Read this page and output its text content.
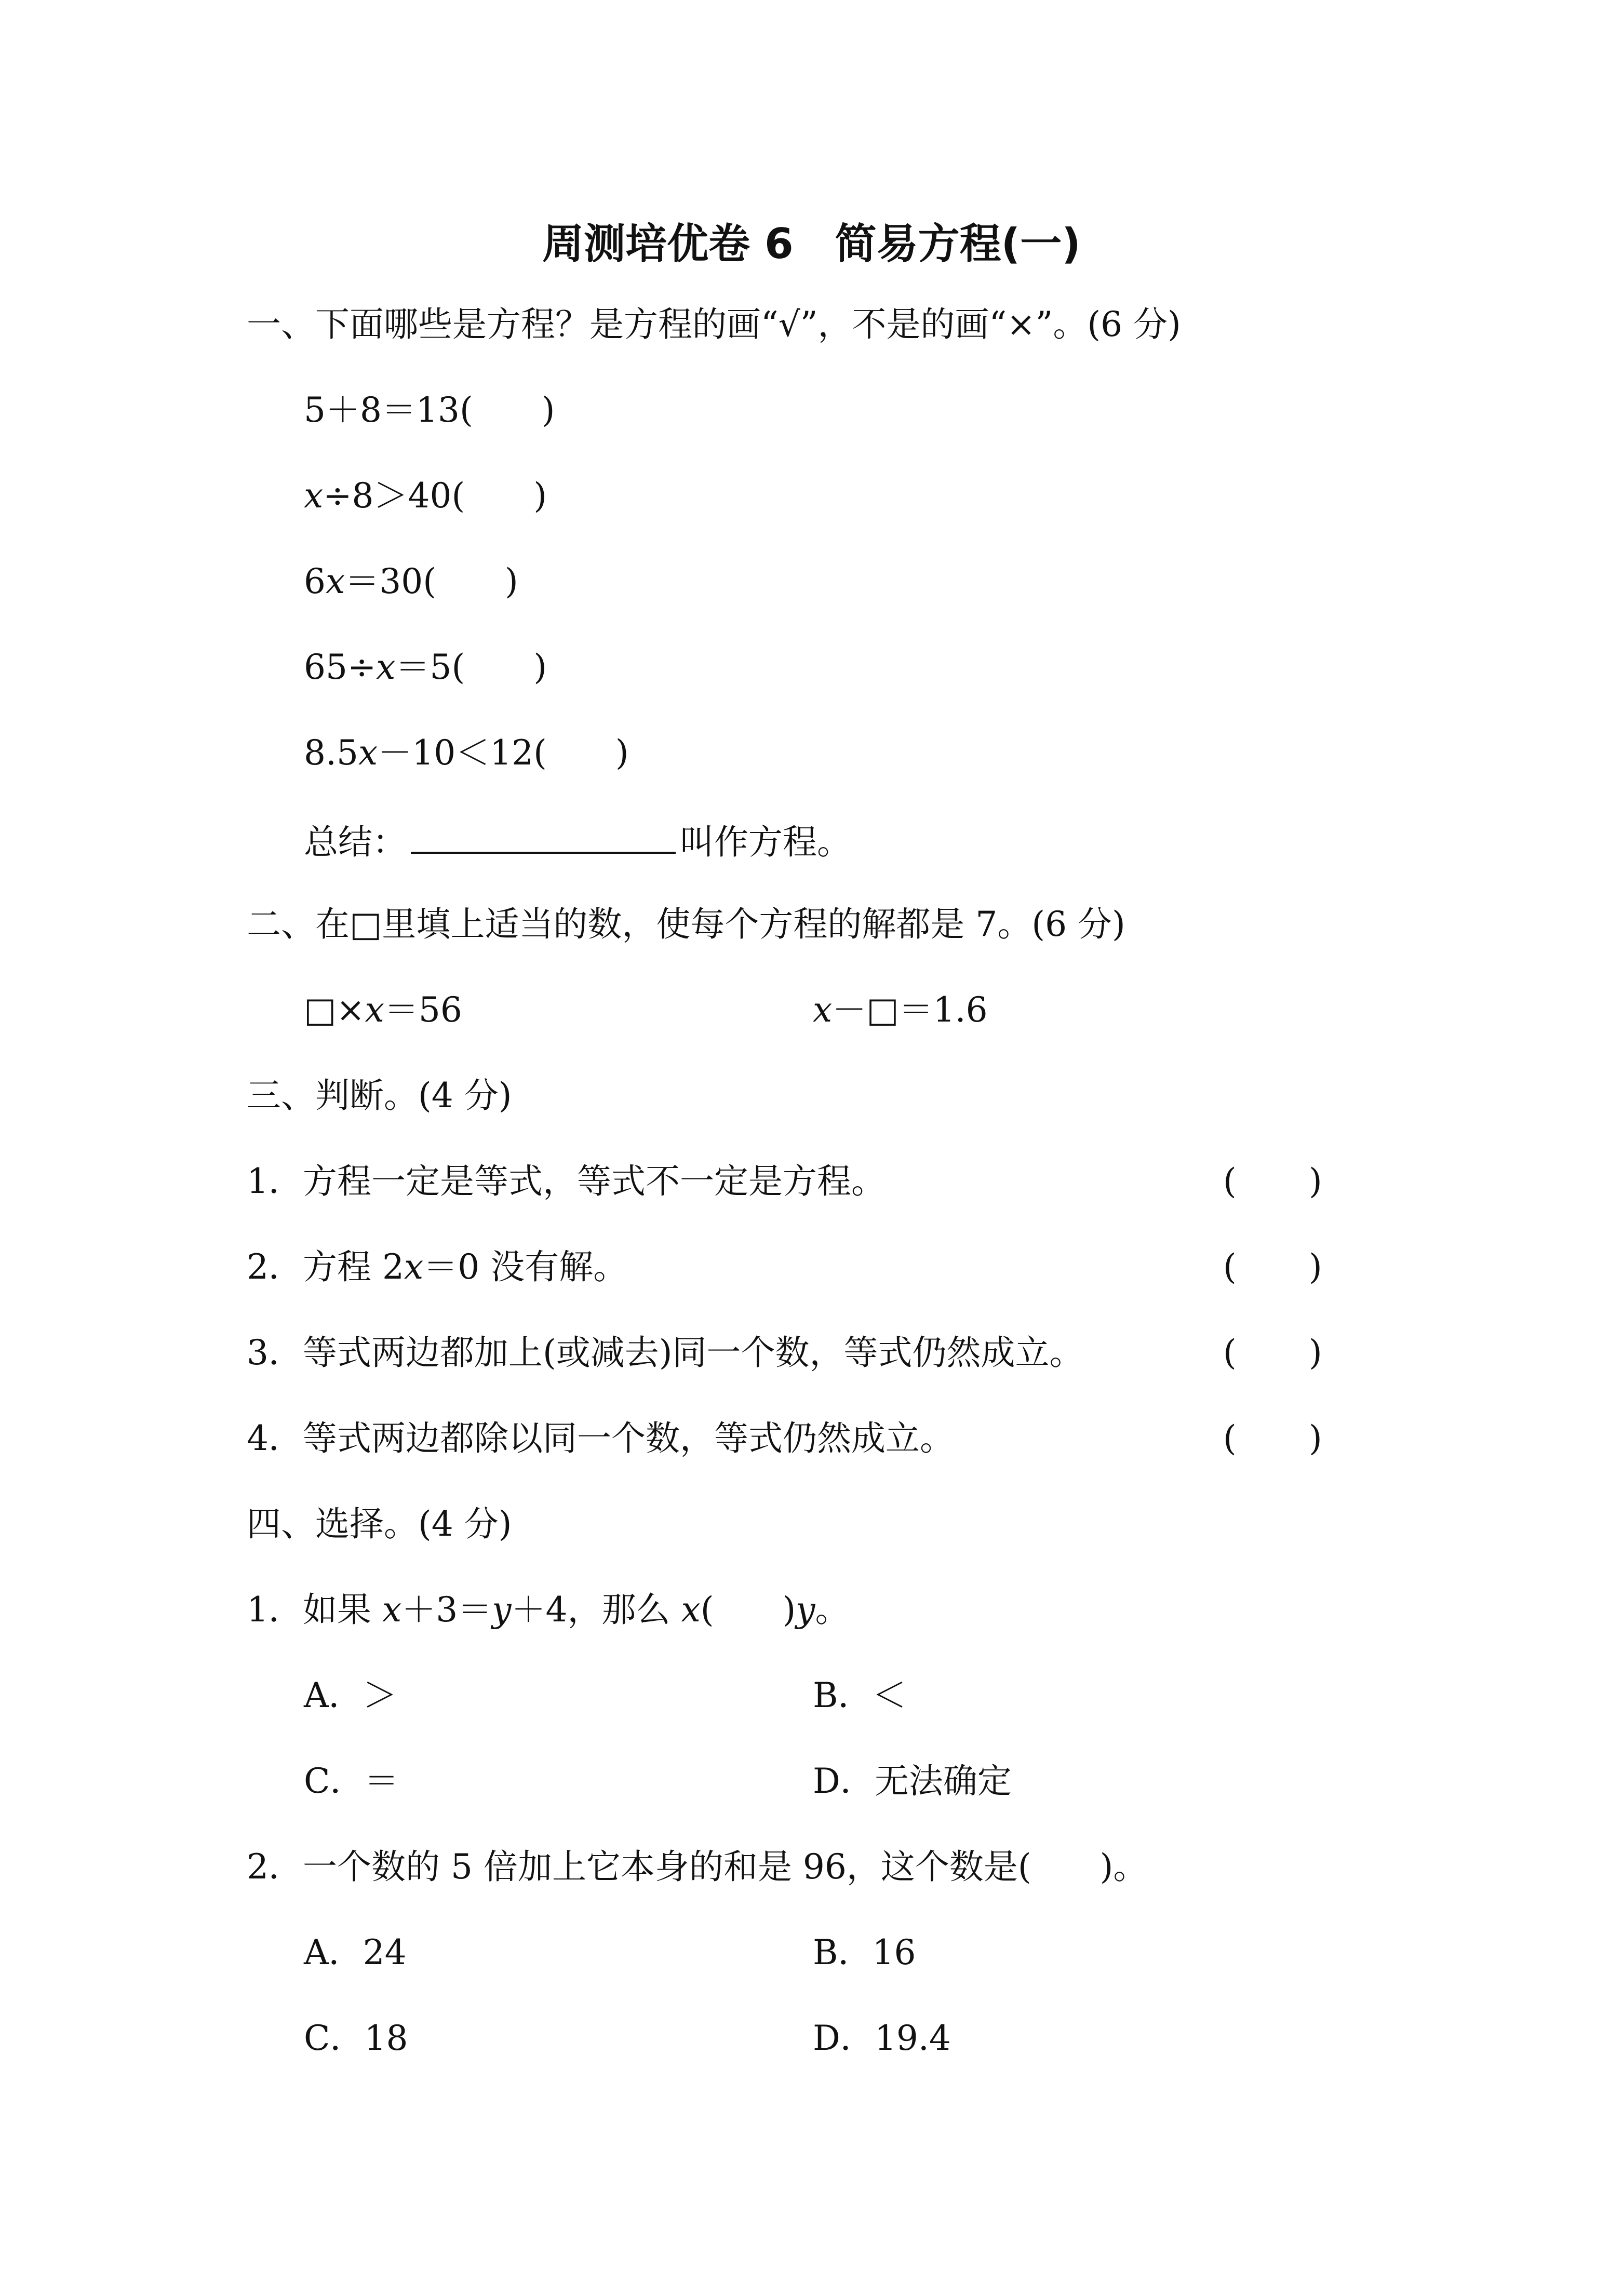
周测培优卷 6　简易方程(一)
一、下面哪些是方程？是方程的画“√”，不是的画“×”。(6 分)
5＋8＝13(　　 )
x÷8＞40(　　 )
6x＝30(　　 )
65÷x＝5(　　 )
8.5x－10＜12(　　 )
总结：	叫作方程。
二、在□里填上适当的数，使每个方程的解都是 7。(6 分)
□×x＝56	x－□＝1.6
三、判断。(4 分)
1．方程一定是等式，等式不一定是方程。	( )
2．方程 2x＝0 没有解。	( )
3．等式两边都加上(或减去)同一个数，等式仍然成立。	( )
4．等式两边都除以同一个数，等式仍然成立。	( )
四、选择。(4 分)
1．如果 x＋3＝y＋4，那么 x(　　)y。
A．＞	B．＜
C．＝	D．无法确定
2．一个数的 5 倍加上它本身的和是 96，这个数是(　　)。
A．24	B．16
C．18	D．19.4
